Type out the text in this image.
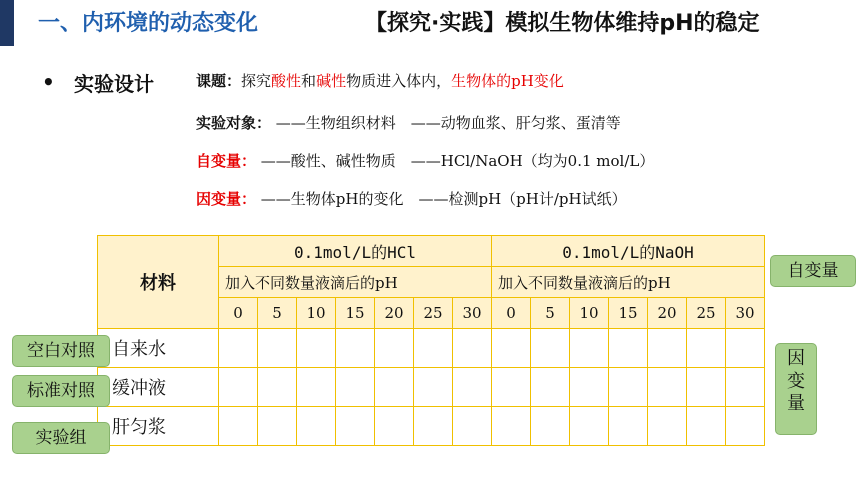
一、内环境的动态变化	【探究·实践】模拟生物体维持pH的稳定
• 实验设计	课题：探究酸性和碱性物质进入体内，生物体的pH变化
实验对象： ——生物组织材料　——动物血浆、肝匀浆、蛋清等
自变量： ——酸性、碱性物质　——HCl/NaOH（均为0.1 mol/L）
因变量： ——生物体pH的变化　——检测pH（pH计/pH试纸）
材料	0.1mol/L的HCl							0.1mol/L的NaOH						
	加入不同数量液滴后的pH							加入不同数量液滴后的pH						
	0	5	10	15	20	25	30	0	5	10	15	20	25	30
自来水														
缓冲液														
肝匀浆														
空白对照
标准对照
实验组
自变量
因
变
量
